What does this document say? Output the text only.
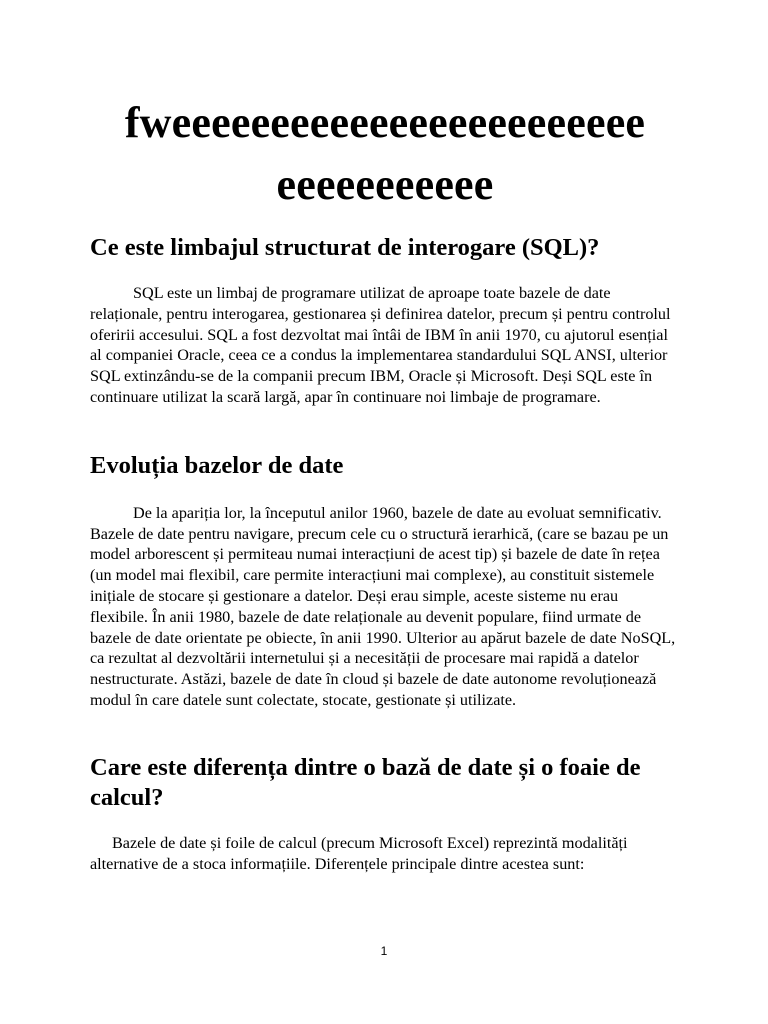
fweeeeeeeeeeeeeeeeeeeeeeee
eeeeeeeeeee
Ce este limbajul structurat de interogare (SQL)?

SQL este un limbaj de programare utilizat de aproape toate bazele de date relaționale, pentru interogarea, gestionarea și definirea datelor, precum și pentru controlul oferirii accesului. SQL a fost dezvoltat mai întâi de IBM în anii 1970, cu ajutorul esențial al companiei Oracle, ceea ce a condus la implementarea standardului SQL ANSI, ulterior SQL extinzându-se de la companii precum IBM, Oracle și Microsoft. Deși SQL este în continuare utilizat la scară largă, apar în continuare noi limbaje de programare.

Evoluția bazelor de date

De la apariția lor, la începutul anilor 1960, bazele de date au evoluat semnificativ. Bazele de date pentru navigare, precum cele cu o structură ierarhică, (care se bazau pe un model arborescent și permiteau numai interacțiuni de acest tip) și bazele de date în rețea (un model mai flexibil, care permite interacțiuni mai complexe), au constituit sistemele inițiale de stocare și gestionare a datelor. Deși erau simple, aceste sisteme nu erau flexibile. În anii 1980, bazele de date relaționale au devenit populare, fiind urmate de bazele de date orientate pe obiecte, în anii 1990. Ulterior au apărut bazele de date NoSQL, ca rezultat al dezvoltării internetului și a necesității de procesare mai rapidă a datelor nestructurate. Astăzi, bazele de date în cloud și bazele de date autonome revoluționează modul în care datele sunt colectate, stocate, gestionate și utilizate.

Care este diferența dintre o bază de date și o foaie de calcul?

Bazele de date și foile de calcul (precum Microsoft Excel) reprezintă modalități alternative de a stoca informațiile. Diferențele principale dintre acestea sunt:

1
